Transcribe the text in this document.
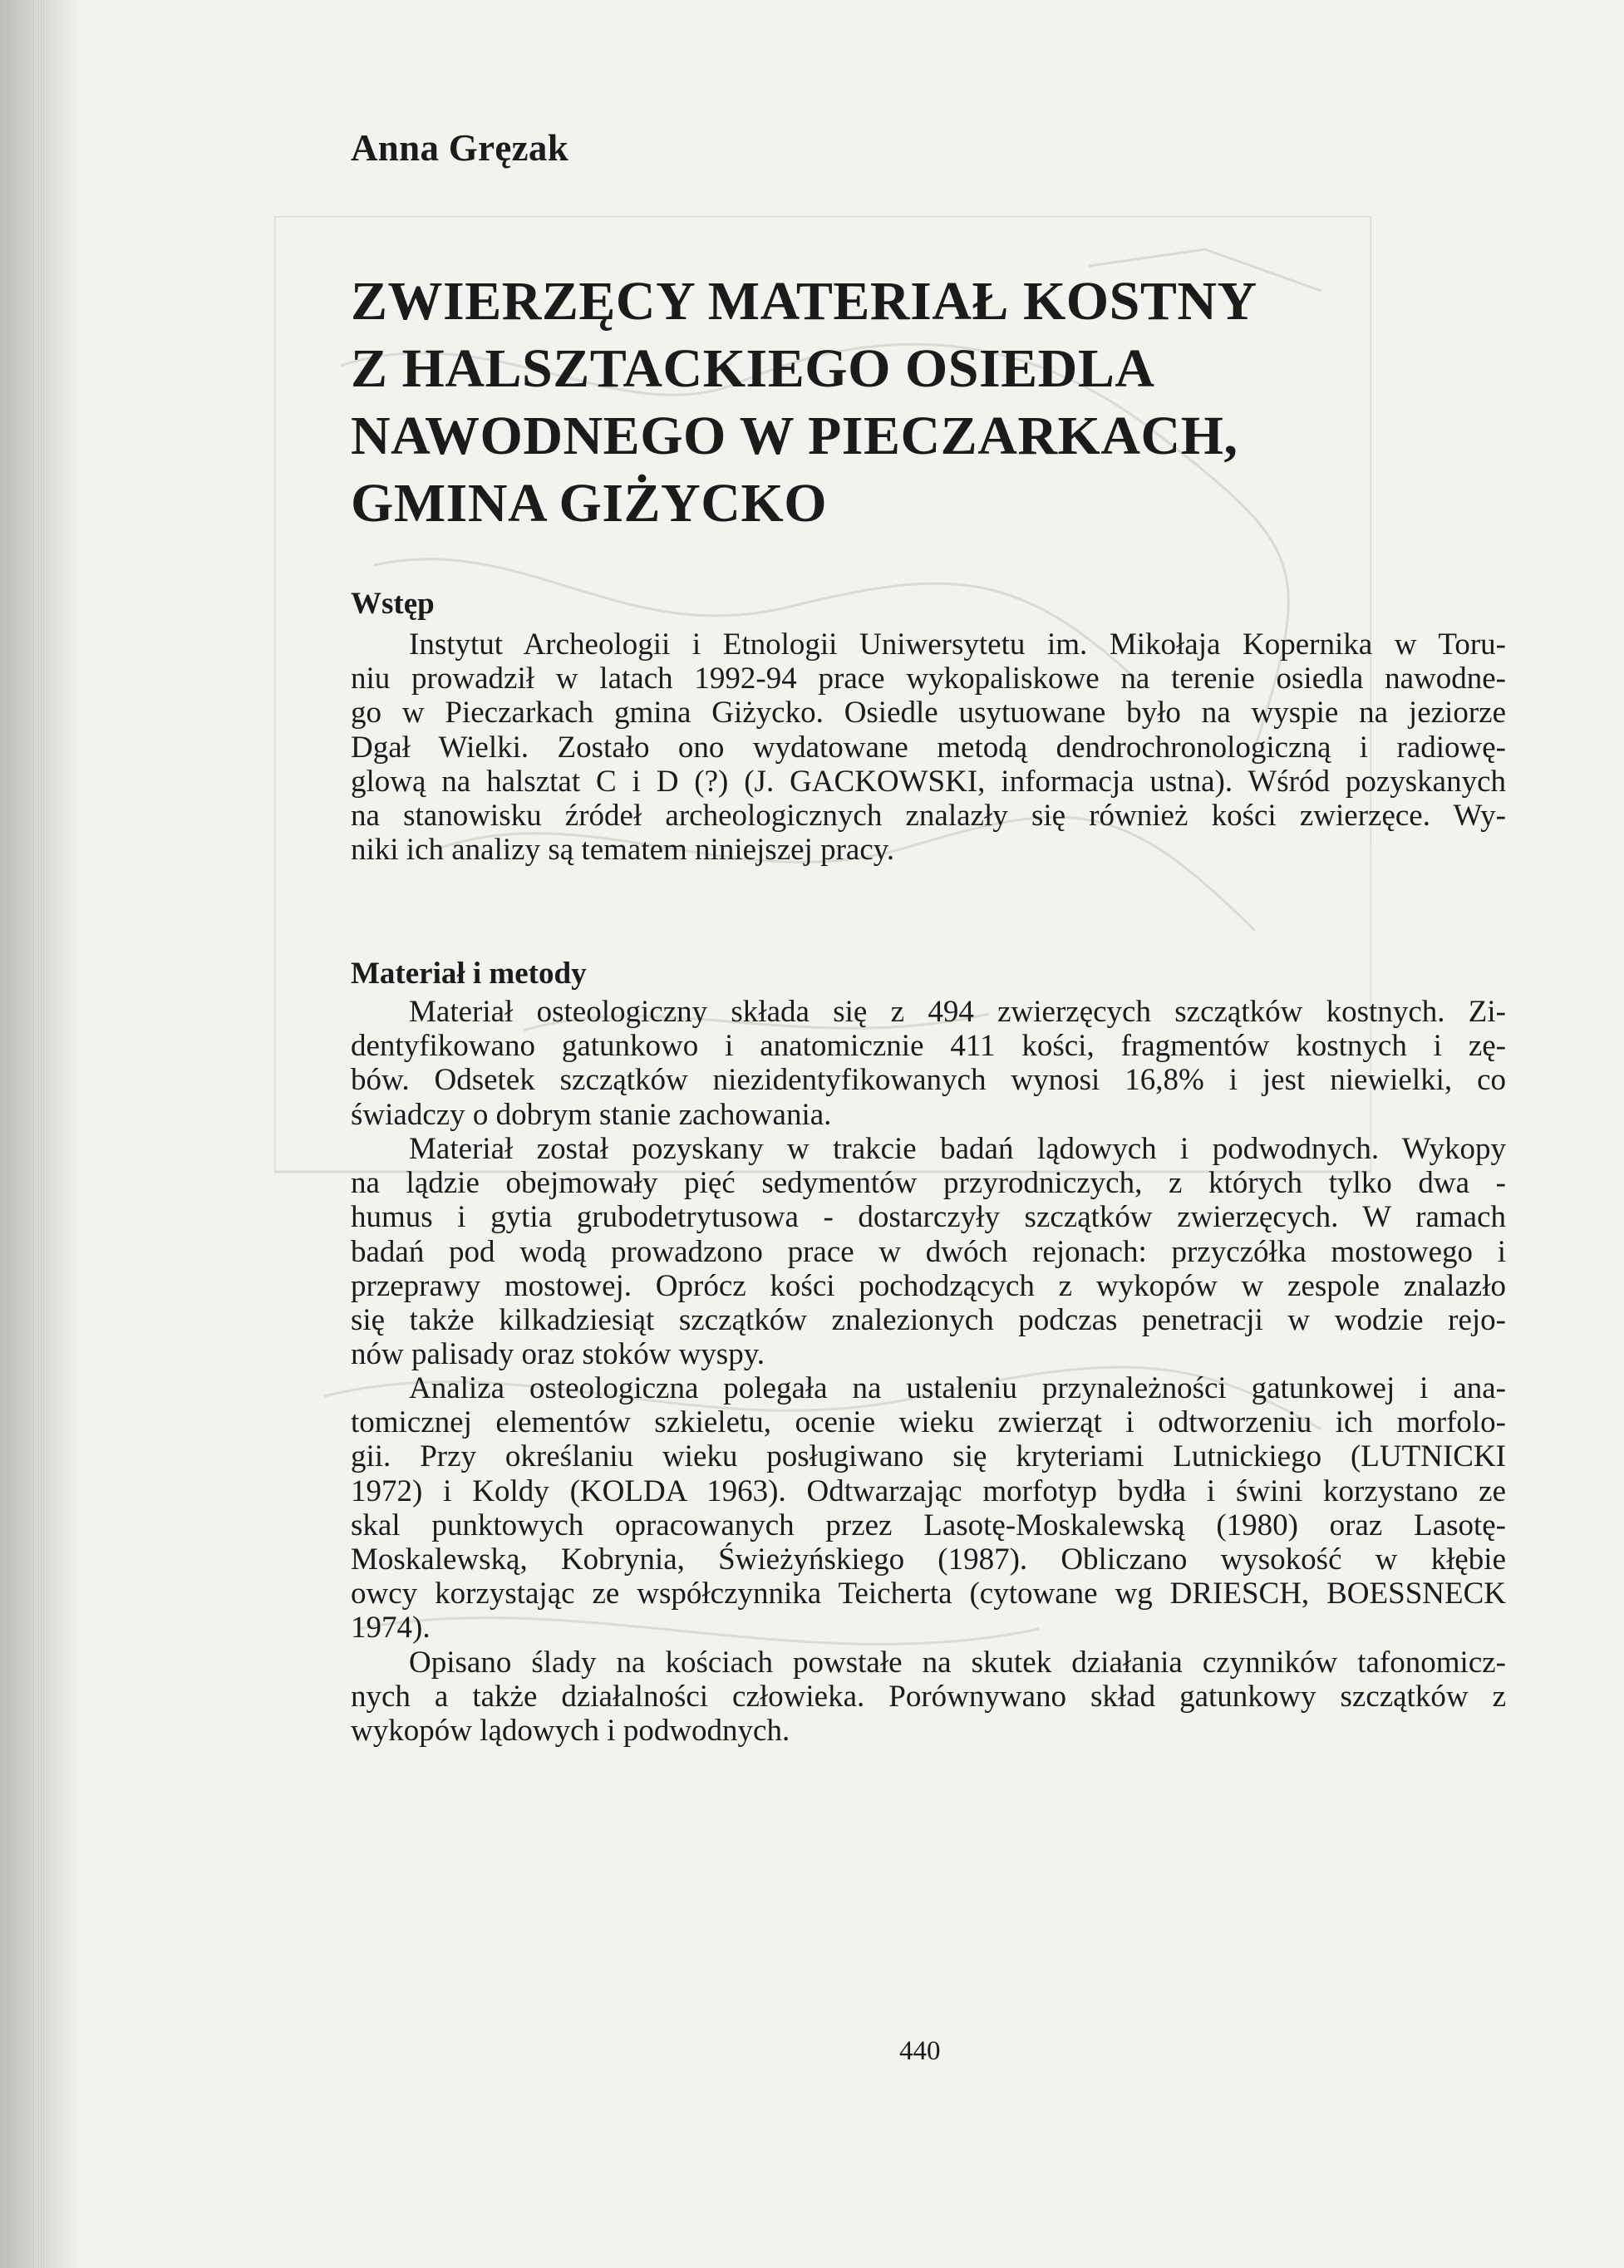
Anna Gręzak
ZWIERZĘCY MATERIAŁ KOSTNY
Z HALSZTACKIEGO OSIEDLA
NAWODNEGO W PIECZARKACH,
GMINA GIŻYCKO
Wstęp
Instytut Archeologii i Etnologii Uniwersytetu im. Mikołaja Kopernika w Toru-
niu prowadził w latach 1992-94 prace wykopaliskowe na terenie osiedla nawodne-
go w Pieczarkach gmina Giżycko. Osiedle usytuowane było na wyspie na jeziorze
Dgał Wielki. Zostało ono wydatowane metodą dendrochronologiczną i radiowę-
glową na halsztat C i D (?) (J. GACKOWSKI, informacja ustna). Wśród pozyskanych
na stanowisku źródeł archeologicznych znalazły się również kości zwierzęce. Wy-
niki ich analizy są tematem niniejszej pracy.
Materiał i metody
Materiał osteologiczny składa się z 494 zwierzęcych szczątków kostnych. Zi-
dentyfikowano gatunkowo i anatomicznie 411 kości, fragmentów kostnych i zę-
bów. Odsetek szczątków niezidentyfikowanych wynosi 16,8% i jest niewielki, co
świadczy o dobrym stanie zachowania.
Materiał został pozyskany w trakcie badań lądowych i podwodnych. Wykopy
na lądzie obejmowały pięć sedymentów przyrodniczych, z których tylko dwa -
humus i gytia grubodetrytusowa - dostarczyły szczątków zwierzęcych. W ramach
badań pod wodą prowadzono prace w dwóch rejonach: przyczółka mostowego i
przeprawy mostowej. Oprócz kości pochodzących z wykopów w zespole znalazło
się także kilkadziesiąt szczątków znalezionych podczas penetracji w wodzie rejo-
nów palisady oraz stoków wyspy.
Analiza osteologiczna polegała na ustaleniu przynależności gatunkowej i ana-
tomicznej elementów szkieletu, ocenie wieku zwierząt i odtworzeniu ich morfolo-
gii. Przy określaniu wieku posługiwano się kryteriami Lutnickiego (LUTNICKI
1972) i Koldy (KOLDA 1963). Odtwarzając morfotyp bydła i świni korzystano ze
skal punktowych opracowanych przez Lasotę-Moskalewską (1980) oraz Lasotę-
Moskalewską, Kobrynia, Świeżyńskiego (1987). Obliczano wysokość w kłębie
owcy korzystając ze współczynnika Teicherta (cytowane wg DRIESCH, BOESSNECK
1974).
Opisano ślady na kościach powstałe na skutek działania czynników tafonomicz-
nych a także działalności człowieka. Porównywano skład gatunkowy szczątków z
wykopów lądowych i podwodnych.

440
